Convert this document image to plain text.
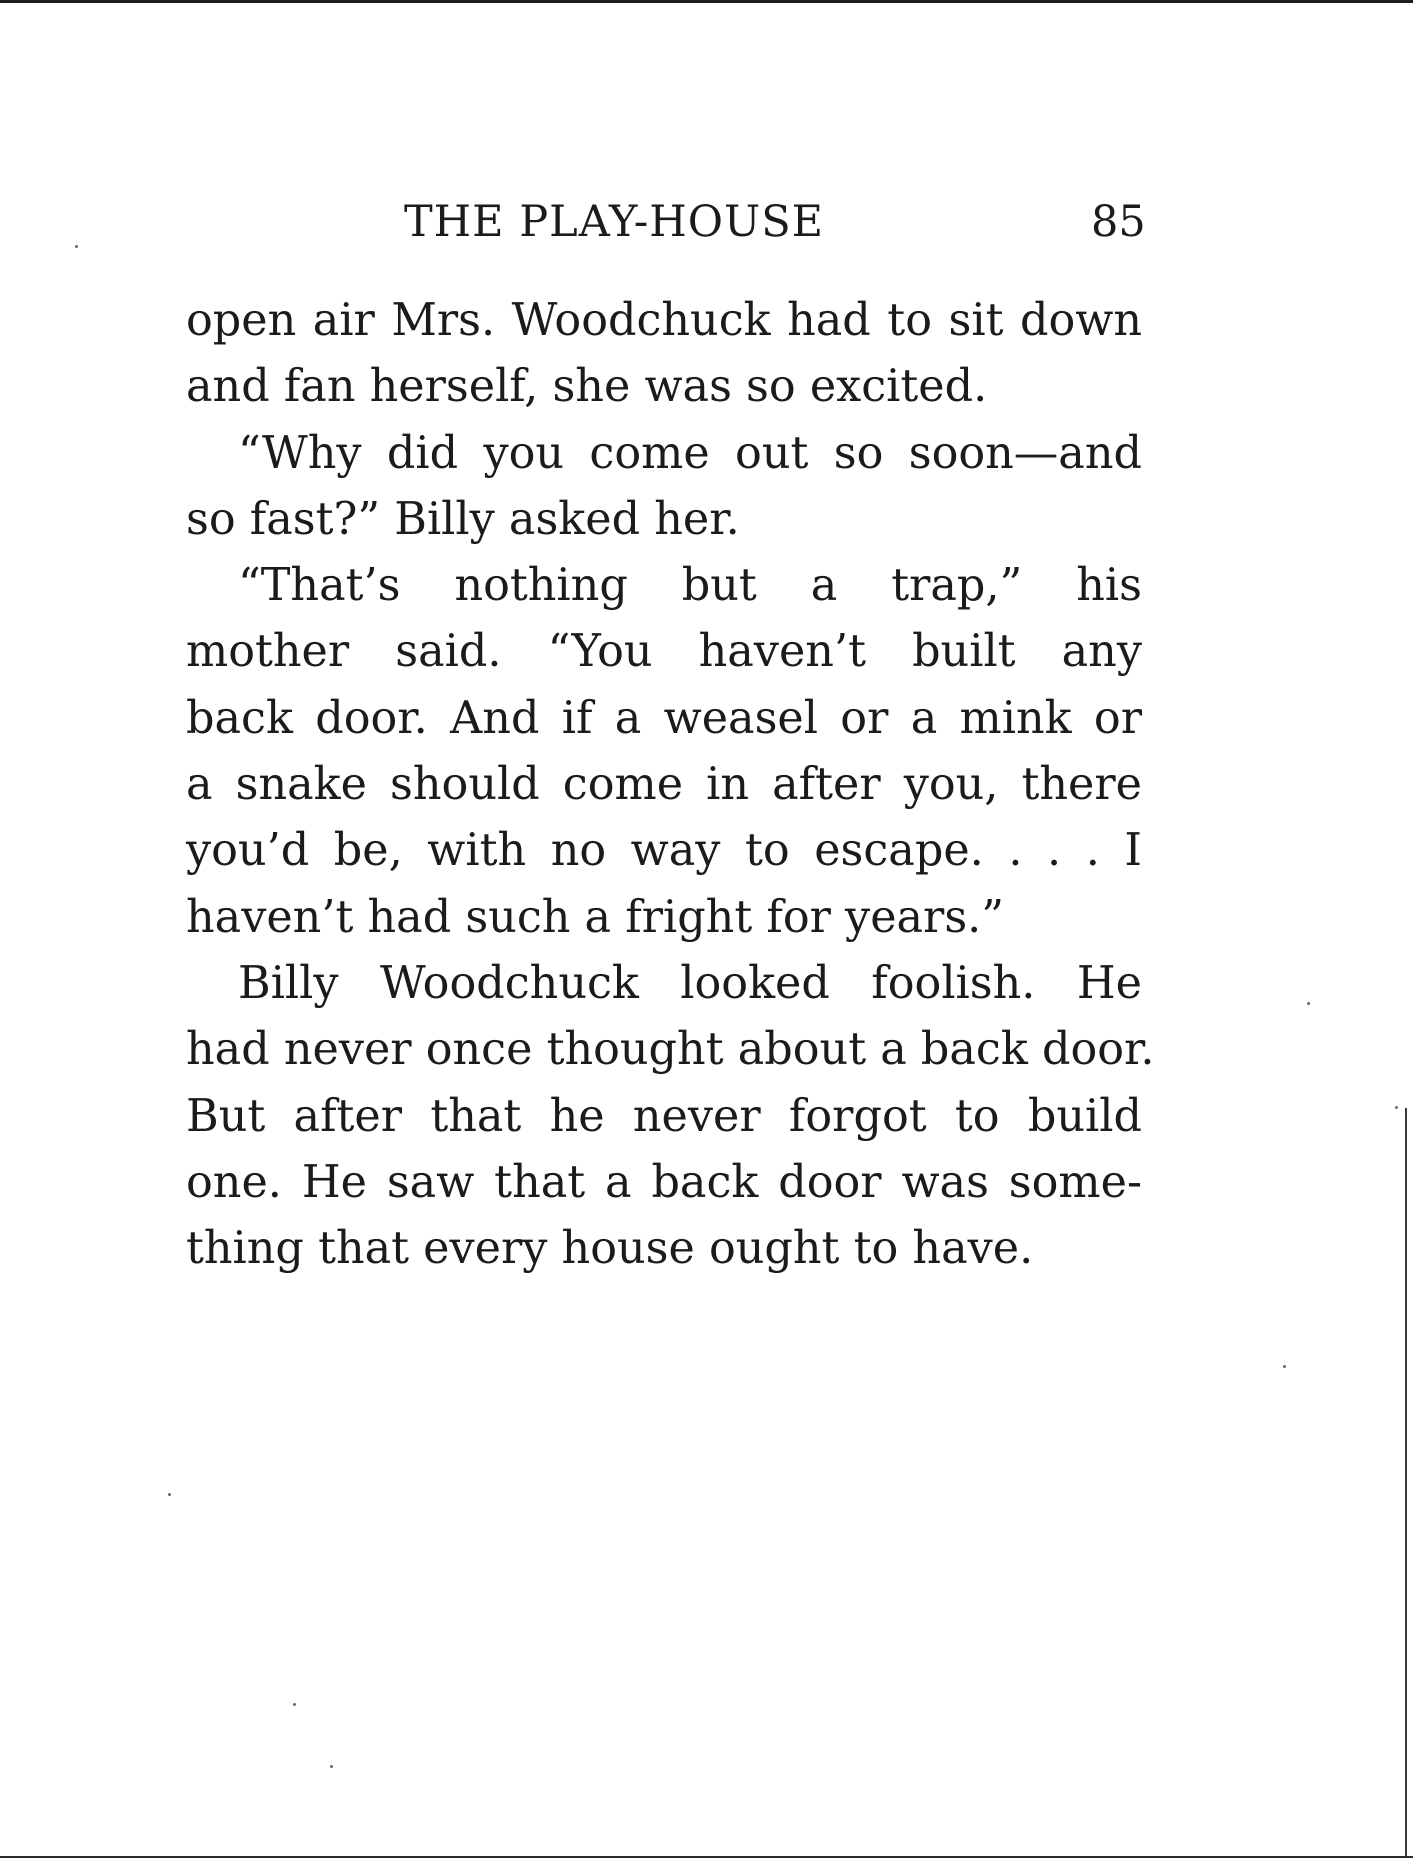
THE PLAY-HOUSE	85
open air Mrs. Woodchuck had to sit down
and fan herself, she was so excited.
“Why did you come out so soon—and
so fast?” Billy asked her.
“That’s nothing but a trap,” his
mother said. “You haven’t built any
back door. And if a weasel or a mink or
a snake should come in after you, there
you’d be, with no way to escape. . . . I
haven’t had such a fright for years.”
Billy Woodchuck looked foolish. He
had never once thought about a back door.
But after that he never forgot to build
one. He saw that a back door was some-
thing that every house ought to have.
